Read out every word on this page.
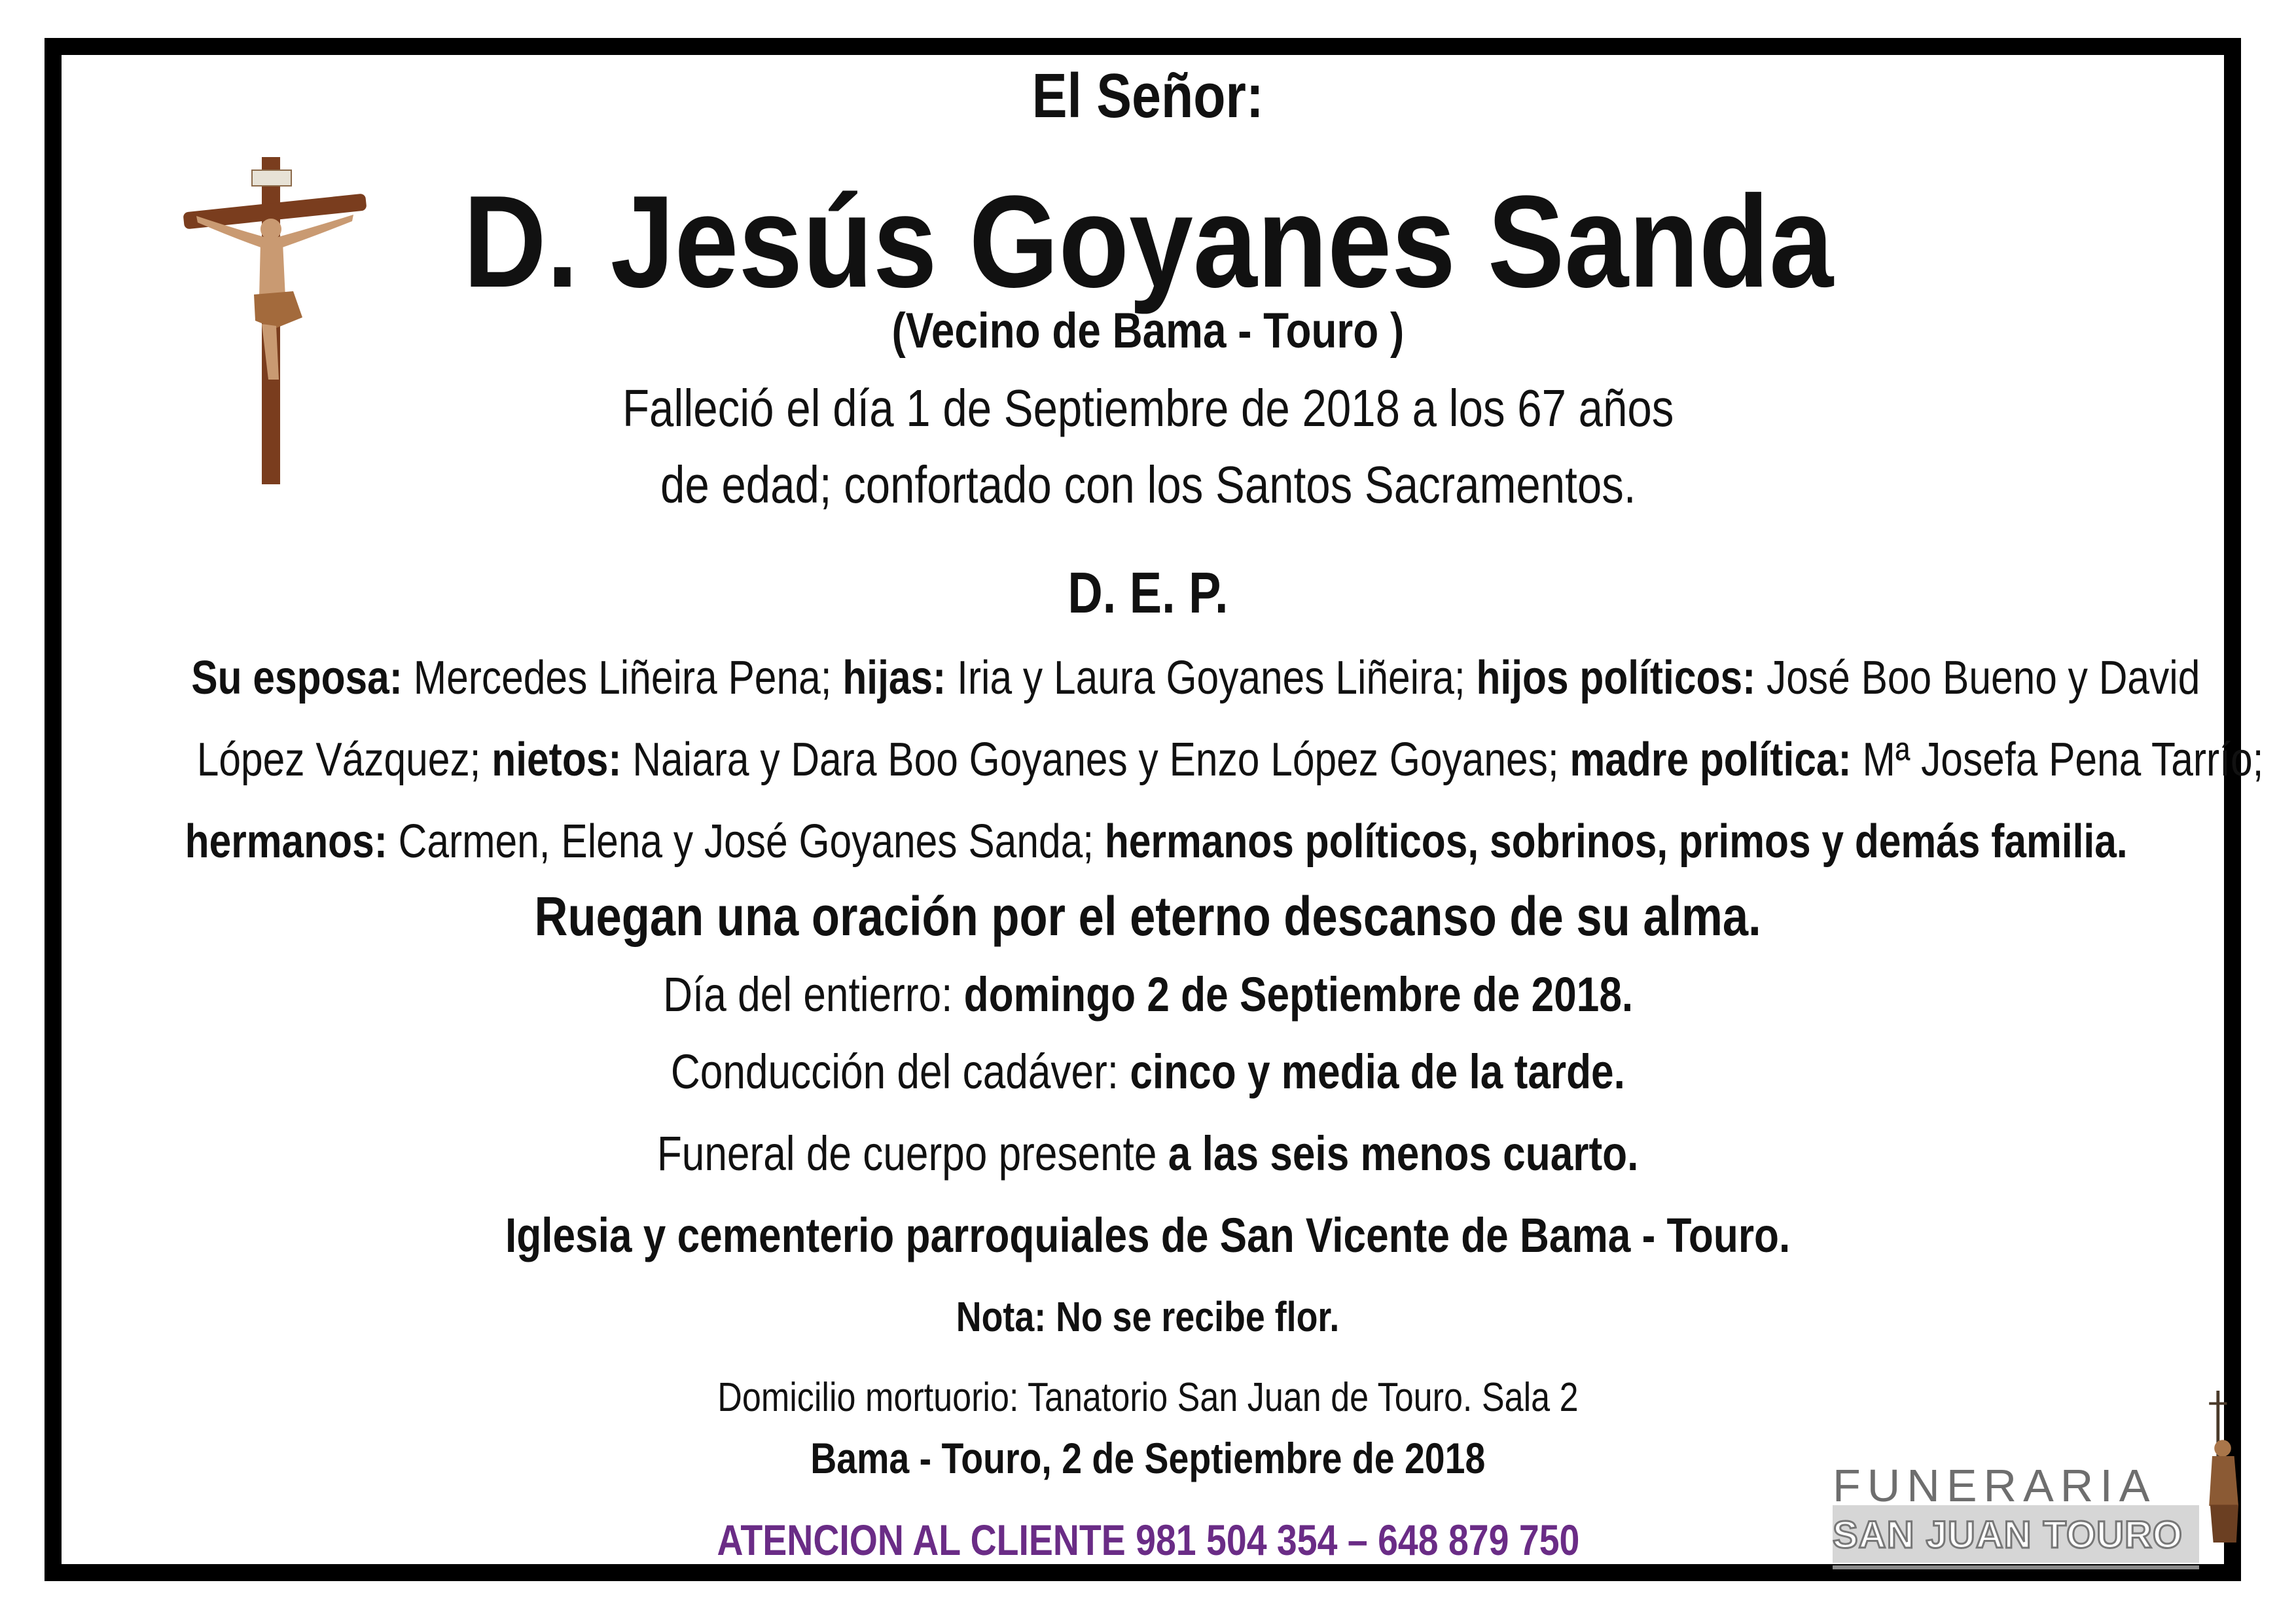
El Señor:
D. Jesús Goyanes Sanda
(Vecino de Bama - Touro )
Falleció el día 1 de Septiembre de 2018 a los 67 años
de edad; confortado con los Santos Sacramentos.
D. E. P.
Su esposa: Mercedes Liñeira Pena; hijas: Iria y Laura Goyanes Liñeira; hijos políticos: José Boo Bueno y David
López Vázquez; nietos: Naiara y Dara Boo Goyanes y Enzo López Goyanes; madre política: Mª Josefa Pena Tarrío;
hermanos: Carmen, Elena y José Goyanes Sanda; hermanos políticos, sobrinos, primos y demás familia.
Ruegan una oración por el eterno descanso de su alma.
Día del entierro: domingo 2 de Septiembre de 2018.
Conducción del cadáver: cinco y media de la tarde.
Funeral de cuerpo presente a las seis menos cuarto.
Iglesia y cementerio parroquiales de San Vicente de Bama - Touro.
Nota: No se recibe flor.
Domicilio mortuorio: Tanatorio San Juan de Touro. Sala 2
Bama - Touro, 2 de Septiembre de 2018
ATENCION AL CLIENTE 981 504 354 – 648 879 750
FUNERARIA
SAN JUAN TOURO
